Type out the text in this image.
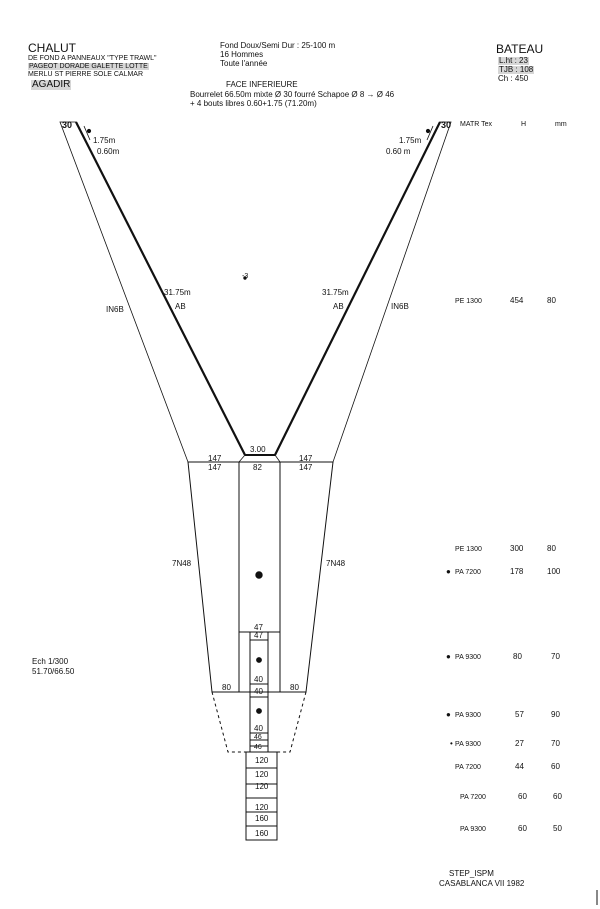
CHALUT
DE FOND A PANNEAUX "TYPE TRAWL"
PAGEOT DORADE GALETTE LOTTE
MERLU ST PIERRE SOLE CALMAR
AGADIR
Fond Doux/Semi Dur : 25-100 m
16 Hommes
Toute l'année
FACE INFERIEURE
Bourrelet 66.50m mixte Ø 30 fourré Schapoe Ø 8 → Ø 46
+ 4 bouts libres 0.60+1.75 (71.20m)
BATEAU
L.ht : 23
TJB : 108
Ch : 450
MATR Tex	H	mm
30	30
1.75m
0.60m
1.75m
0.60 m
31.75m
AB
31.75m
AB
IN6B	IN6B
-3
3.00
147
147
147
147
82
7N48	7N48
47
47
80	80
40
40
40
46
46
120
120
120
120
160
160
PE 1300	454	80
PE 1300	300	80
● PA 7200	178	100
● PA 9300	80	70
● PA 9300	57	90
• PA 9300	27	70
PA 7200	44	60
PA 7200	60	60
PA 9300	60	50
Ech 1/300
51.70/66.50
STEP_ISPM
CASABLANCA VII 1982
